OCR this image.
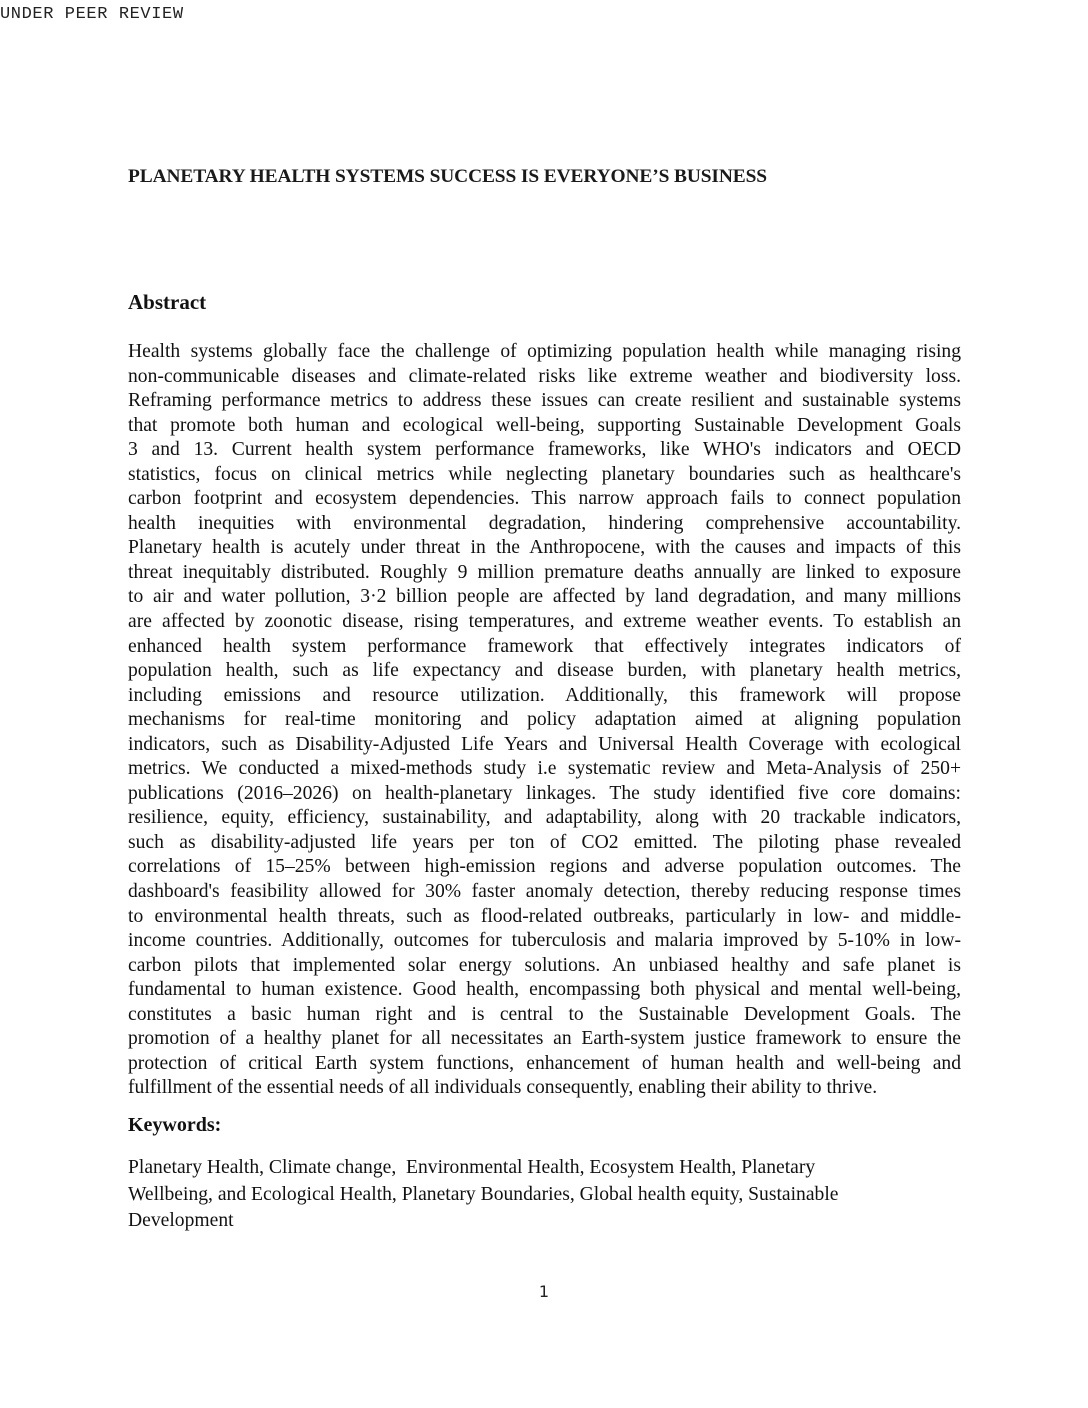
UNDER PEER REVIEW
PLANETARY HEALTH SYSTEMS SUCCESS IS EVERYONE’S BUSINESS
Abstract
Health systems globally face the challenge of optimizing population health while managing rising
non-communicable diseases and climate-related risks like extreme weather and biodiversity loss.
Reframing performance metrics to address these issues can create resilient and sustainable systems
that promote both human and ecological well-being, supporting Sustainable Development Goals
3 and 13. Current health system performance frameworks, like WHO's indicators and OECD
statistics, focus on clinical metrics while neglecting planetary boundaries such as healthcare's
carbon footprint and ecosystem dependencies. This narrow approach fails to connect population
health inequities with environmental degradation, hindering comprehensive accountability.
Planetary health is acutely under threat in the Anthropocene, with the causes and impacts of this
threat inequitably distributed. Roughly 9 million premature deaths annually are linked to exposure
to air and water pollution, 3·2 billion people are affected by land degradation, and many millions
are affected by zoonotic disease, rising temperatures, and extreme weather events. To establish an
enhanced health system performance framework that effectively integrates indicators of
population health, such as life expectancy and disease burden, with planetary health metrics,
including emissions and resource utilization. Additionally, this framework will propose
mechanisms for real-time monitoring and policy adaptation aimed at aligning population
indicators, such as Disability-Adjusted Life Years and Universal Health Coverage with ecological
metrics. We conducted a mixed-methods study i.e systematic review and Meta-Analysis of 250+
publications (2016–2026) on health-planetary linkages. The study identified five core domains:
resilience, equity, efficiency, sustainability, and adaptability, along with 20 trackable indicators,
such as disability-adjusted life years per ton of CO2 emitted. The piloting phase revealed
correlations of 15–25% between high-emission regions and adverse population outcomes. The
dashboard's feasibility allowed for 30% faster anomaly detection, thereby reducing response times
to environmental health threats, such as flood-related outbreaks, particularly in low- and middle-
income countries. Additionally, outcomes for tuberculosis and malaria improved by 5-10% in low-
carbon pilots that implemented solar energy solutions. An unbiased healthy and safe planet is
fundamental to human existence. Good health, encompassing both physical and mental well-being,
constitutes a basic human right and is central to the Sustainable Development Goals. The
promotion of a healthy planet for all necessitates an Earth-system justice framework to ensure the
protection of critical Earth system functions, enhancement of human health and well-being and
fulfillment of the essential needs of all individuals consequently, enabling their ability to thrive.
Keywords:
Planetary Health, Climate change,  Environmental Health, Ecosystem Health, Planetary
Wellbeing, and Ecological Health, Planetary Boundaries, Global health equity, Sustainable
Development
1
